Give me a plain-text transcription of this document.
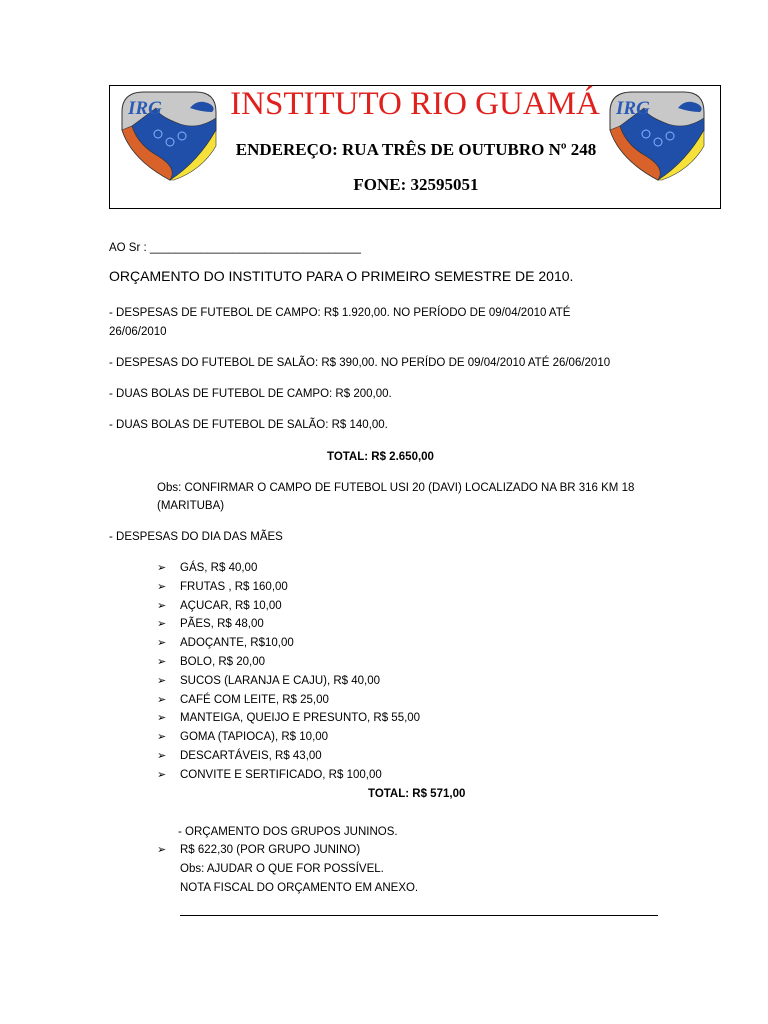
IRG INSTITUTO RIO GUAMÁ IRG
ENDEREÇO: RUA TRÊS DE OUTUBRO Nº 248
FONE: 32595051
AO Sr : _________________________________
ORÇAMENTO DO INSTITUTO PARA O PRIMEIRO SEMESTRE DE 2010.
- DESPESAS DE FUTEBOL DE CAMPO: R$ 1.920,00. NO PERÍODO DE 09/04/2010 ATÉ
26/06/2010
- DESPESAS DO FUTEBOL DE SALÃO: R$ 390,00. NO PERÍDO DE 09/04/2010 ATÉ 26/06/2010
- DUAS BOLAS DE FUTEBOL DE CAMPO: R$ 200,00.
- DUAS BOLAS DE FUTEBOL DE SALÃO: R$ 140,00.
TOTAL: R$ 2.650,00
Obs: CONFIRMAR O CAMPO DE FUTEBOL USI 20 (DAVI) LOCALIZADO NA BR 316 KM 18
(MARITUBA)
- DESPESAS DO DIA DAS MÃES
➢ GÁS, R$ 40,00
➢ FRUTAS , R$ 160,00
➢ AÇUCAR, R$ 10,00
➢ PÃES, R$ 48,00
➢ ADOÇANTE, R$10,00
➢ BOLO, R$ 20,00
➢ SUCOS (LARANJA E CAJU), R$ 40,00
➢ CAFÉ COM LEITE, R$ 25,00
➢ MANTEIGA, QUEIJO E PRESUNTO, R$ 55,00
➢ GOMA (TAPIOCA), R$ 10,00
➢ DESCARTÁVEIS, R$ 43,00
➢ CONVITE E SERTIFICADO, R$ 100,00
TOTAL: R$ 571,00
- ORÇAMENTO DOS GRUPOS JUNINOS.
➢ R$ 622,30 (POR GRUPO JUNINO)
Obs: AJUDAR O QUE FOR POSSÍVEL.
NOTA FISCAL DO ORÇAMENTO EM ANEXO.
